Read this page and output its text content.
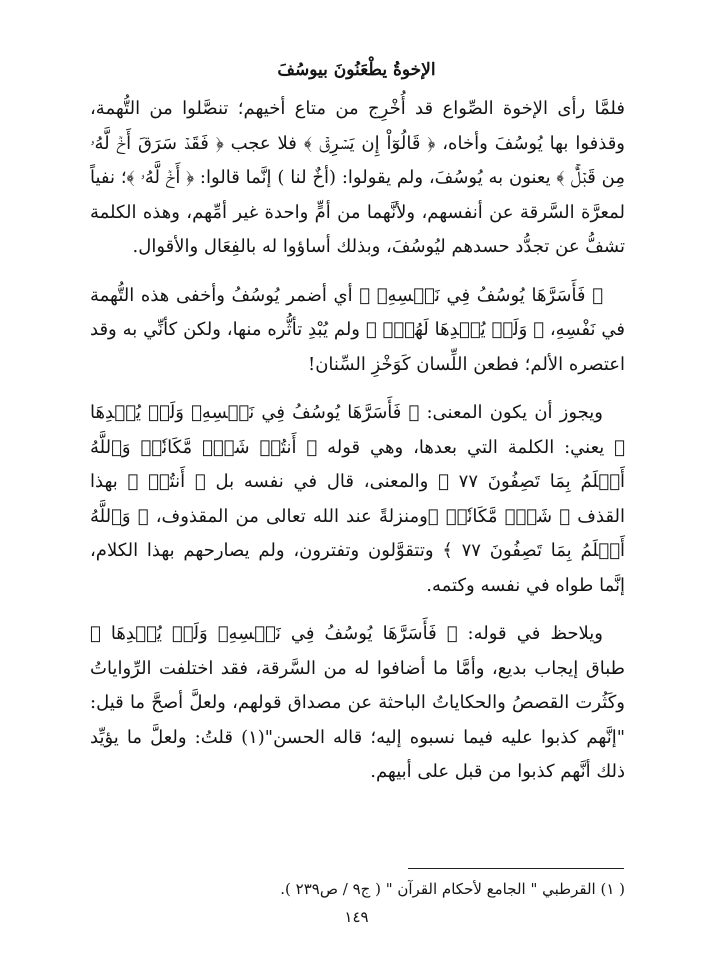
الإخوةُ يطْعَنُونَ بيوسُفَ

فلمَّا رأى الإخوة الصِّواع قد أُخْرِج من متاع أخيهم؛ تنصَّلوا من التُّهمة، وقذفوا بها يُوسُفَ وأخاه، ﴿ قَالُوٓاْ إِن يَسۡرِقۡ ﴾ فلا عجب ﴿ فَقَدۡ سَرَقَ أَخٞ لَّهُۥ مِن قَبۡلُۚ ﴾ يعنون به يُوسُفَ، ولم يقولوا: (أخٌ لنا ) إنَّما قالوا: ﴿ أَخٞ لَّهُۥ ﴾؛ نفياً لمعرَّة السَّرقة عن أنفسهم، ولأنَّهما من أمٍّ واحدة غير أمِّهم، وهذه الكلمة تشفُّ عن تجدُّد حسدهم ليُوسُفَ، وبذلك أساؤوا له بالفِعَال والأقوال.

﴿ فَأَسَرَّهَا يُوسُفُ فِي نَفۡسِهِۦ ﴾ أي أضمر يُوسُفُ وأخفى هذه التُّهمة في نَفْسِهِ، ﴿ وَلَمۡ يُبۡدِهَا لَهُمۡۚ ﴾ ولم يُبْدِ تأثُّره منها، ولكن كأنِّي به وقد اعتصره الألم؛ فطعن اللِّسان كَوَخْزِ السِّنان!

ويجوز أن يكون المعنى: ﴿ فَأَسَرَّهَا يُوسُفُ فِي نَفۡسِهِۦ وَلَمۡ يُبۡدِهَا ﴾ يعني: الكلمة التي بعدها، وهي قوله ﴿ أَنتُمۡ شَرّٞ مَّكَانٗاۖ وَٱللَّهُ أَعۡلَمُ بِمَا تَصِفُونَ ٧٧ ﴾ والمعنى، قال في نفسه بل ﴿ أَنتُمۡ ﴾ بهذا القذف ﴿ شَرّٞ مَّكَانٗاۖ ﴾ومنزلةً عند الله تعالى من المقذوف، ﴿ وَٱللَّهُ أَعۡلَمُ بِمَا تَصِفُونَ ٧٧ ﴾ وتتقوَّلون وتفترون، ولم يصارحهم بهذا الكلام، إنَّما طواه في نفسه وكتمه.

ويلاحظ في قوله: ﴿ فَأَسَرَّهَا يُوسُفُ فِي نَفۡسِهِۦ وَلَمۡ يُبۡدِهَا ﴾ طباق إيجاب بديع، وأمَّا ما أضافوا له من السَّرقة، فقد اختلفت الرِّواياتُ وكَثُرت القصصُ والحكاياتُ الباحثة عن مصداق قولهم، ولعلَّ أصحَّ ما قيل: "إنَّهم كذبوا عليه فيما نسبوه إليه؛ قاله الحسن"(١) قلتُ: ولعلَّ ما يؤيِّد ذلك أنَّهم كذبوا من قبل على أبيهم.

( ١) القرطبي " الجامع لأحكام القرآن " ( ج٩ / ص٢٣٩ ).
١٤٩
